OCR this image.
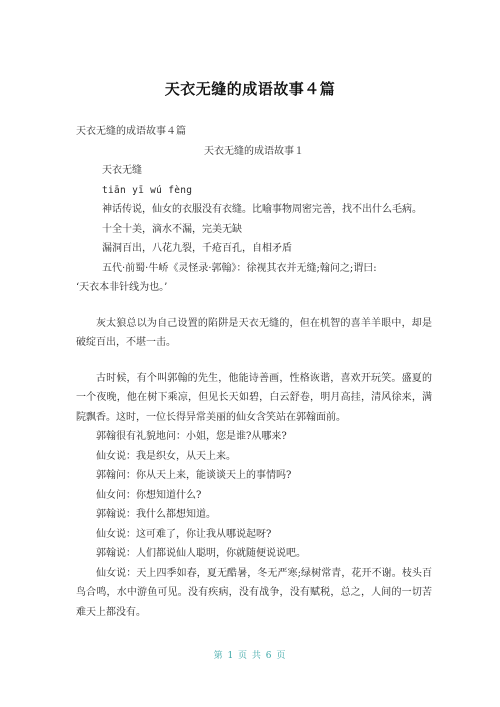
天衣无缝的成语故事４篇
天衣无缝的成语故事４篇
天衣无缝的成语故事１
天衣无缝
tiān yī wú fèng
神话传说，仙女的衣服没有衣缝。比喻事物周密完善，找不出什么毛病。
十全十美，滴水不漏，完美无缺
漏洞百出，八花九裂，千疮百孔，自相矛盾
五代·前蜀·牛峤《灵怪录·郭翰》：徐视其衣并无缝;翰问之;谓曰:
‘天衣本非针线为也。’

灰太狼总以为自己设置的陷阱是天衣无缝的，但在机智的喜羊羊眼中，却是破绽百出，不堪一击。

古时候，有个叫郭翰的先生，他能诗善画，性格诙谐，喜欢开玩笑。盛夏的一个夜晚，他在树下乘凉，但见长天如碧，白云舒卷，明月高挂，清风徐来，满院飘香。这时，一位长得异常美丽的仙女含笑站在郭翰面前。

郭翰很有礼貌地问：小姐，您是谁?从哪来?
仙女说：我是织女，从天上来。
郭翰问：你从天上来，能谈谈天上的事情吗?
仙女问：你想知道什么?
郭翰说：我什么都想知道。
仙女说：这可难了，你让我从哪说起呀?
郭翰说：人们都说仙人聪明，你就随便说说吧。

仙女说：天上四季如春，夏无酷暑，冬无严寒;绿树常青，花开不谢。枝头百鸟合鸣，水中游鱼可见。没有疾病，没有战争，没有赋税，总之，人间的一切苦难天上都没有。

第 1 页 共 6 页
